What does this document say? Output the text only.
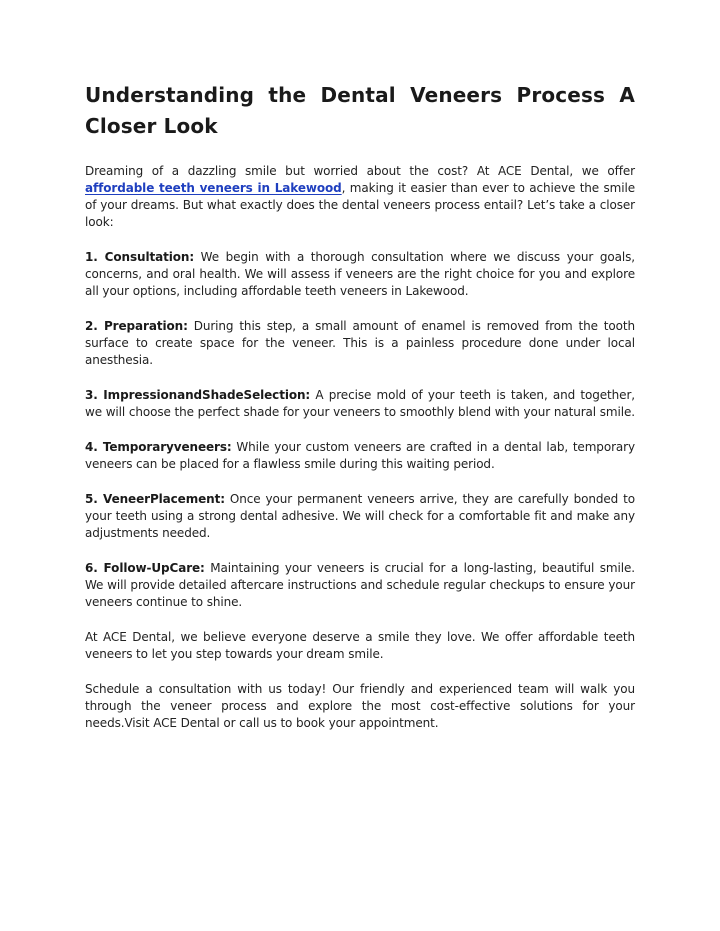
Understanding the Dental Veneers Process A Closer Look

Dreaming of a dazzling smile but worried about the cost? At ACE Dental, we offer affordable teeth veneers in Lakewood, making it easier than ever to achieve the smile of your dreams. But what exactly does the dental veneers process entail? Let’s take a closer look:

1. Consultation: We begin with a thorough consultation where we discuss your goals, concerns, and oral health. We will assess if veneers are the right choice for you and explore all your options, including affordable teeth veneers in Lakewood.

2. Preparation: During this step, a small amount of enamel is removed from the tooth surface to create space for the veneer. This is a painless procedure done under local anesthesia.

3. ImpressionandShadeSelection: A precise mold of your teeth is taken, and together, we will choose the perfect shade for your veneers to smoothly blend with your natural smile.

4. Temporaryveneers: While your custom veneers are crafted in a dental lab, temporary veneers can be placed for a flawless smile during this waiting period.

5. VeneerPlacement: Once your permanent veneers arrive, they are carefully bonded to your teeth using a strong dental adhesive. We will check for a comfortable fit and make any adjustments needed.

6. Follow-UpCare: Maintaining your veneers is crucial for a long-lasting, beautiful smile. We will provide detailed aftercare instructions and schedule regular checkups to ensure your veneers continue to shine.

At ACE Dental, we believe everyone deserve a smile they love. We offer affordable teeth veneers to let you step towards your dream smile.

Schedule a consultation with us today! Our friendly and experienced team will walk you through the veneer process and explore the most cost-effective solutions for your needs.Visit ACE Dental or call us to book your appointment.
